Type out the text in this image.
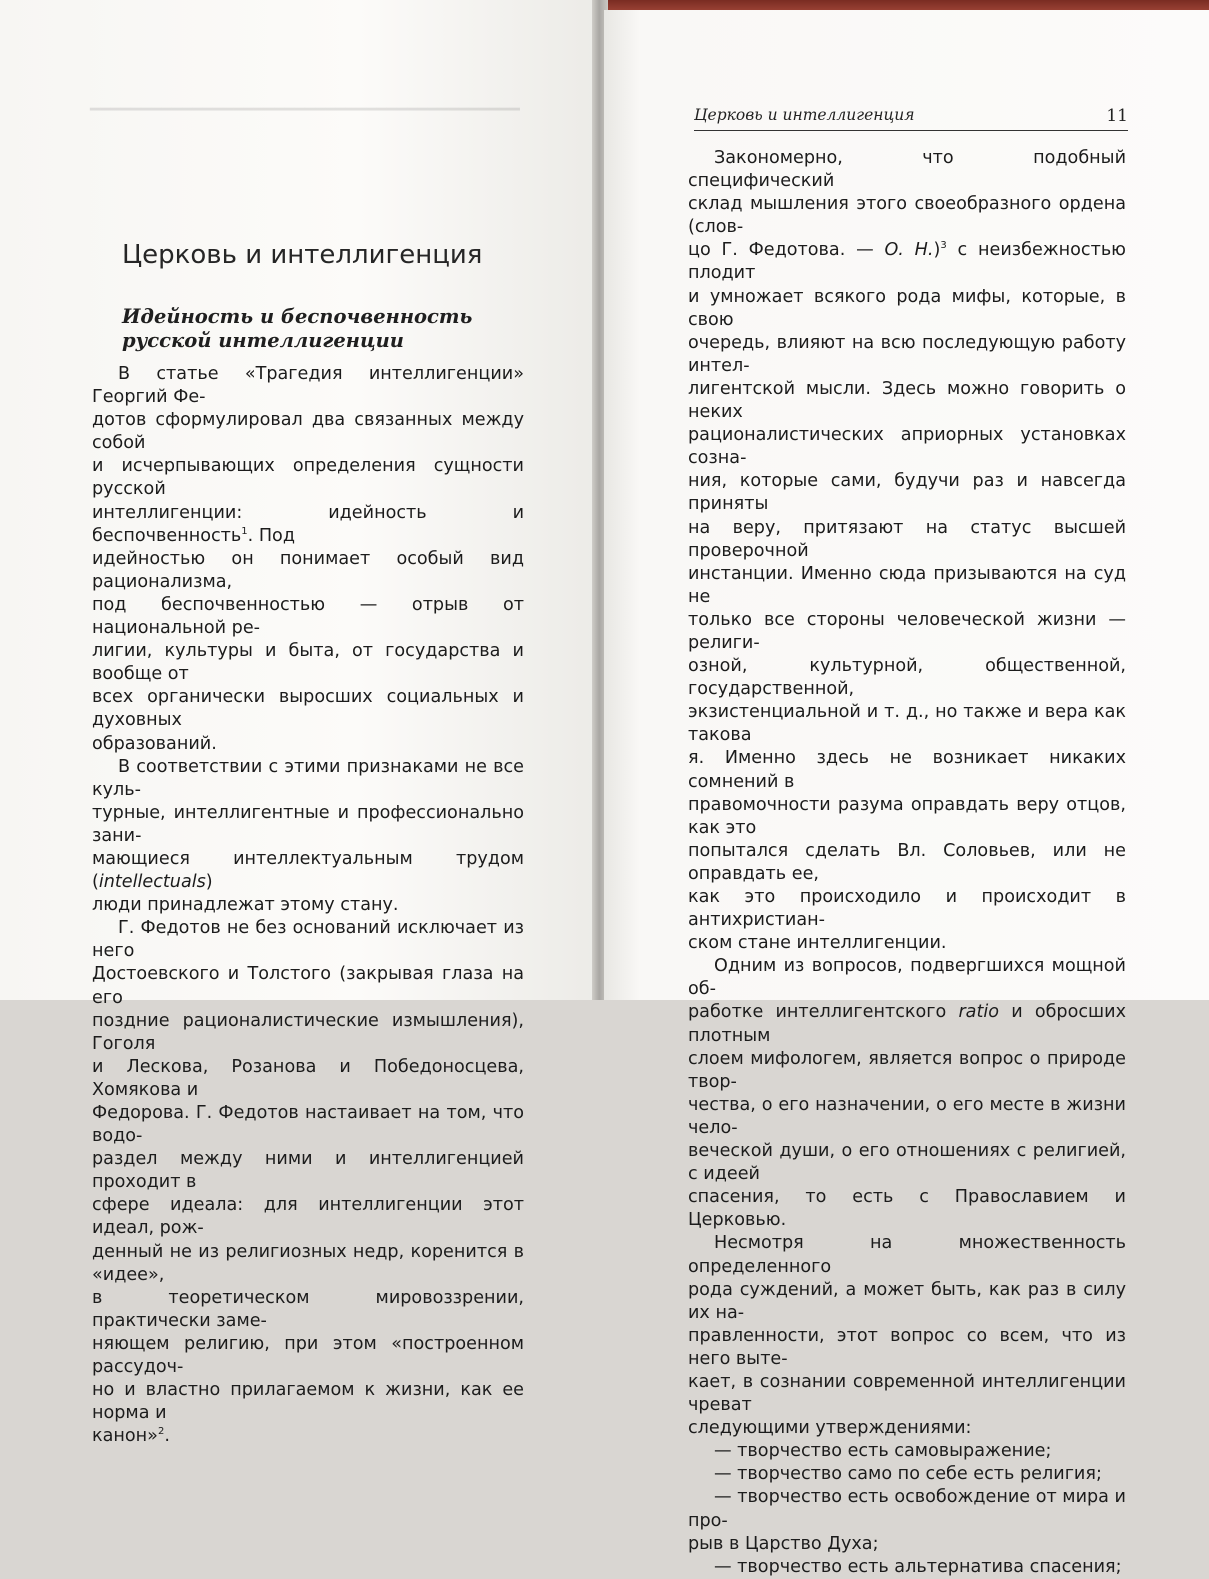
━━━━━━━━━━━━━━━━━━━━━━━━━━━━━━━━━━━━━━━━━━
Церковь и интеллигенция
Идейность и беспочвенность
русской интеллигенции

В статье «Трагедия интеллигенции» Георгий Фе-
дотов сформулировал два связанных между собой
и исчерпывающих определения сущности русской
интеллигенции: идейность и беспочвенность$^1$. Под
идейностью он понимает особый вид рационализма,
под беспочвенностью — отрыв от национальной ре-
лигии, культуры и быта, от государства и вообще от
всех органически выросших социальных и духовных
образований.

В соответствии с этими признаками не все куль-
турные, интеллигентные и профессионально зани-
мающиеся интеллектуальным трудом (intellectuals)
люди принадлежат этому стану.

Г. Федотов не без оснований исключает из него
Достоевского и Толстого (закрывая глаза на его
поздние рационалистические измышления), Гоголя
и Лескова, Розанова и Победоносцева, Хомякова и
Федорова. Г. Федотов настаивает на том, что водо-
раздел между ними и интеллигенцией проходит в
сфере идеала: для интеллигенции этот идеал, рож-
денный не из религиозных недр, коренится в «идее»,
в теоретическом мировоззрении, практически заме-
няющем религию, при этом «построенном рассудоч-
но и властно прилагаемом к жизни, как ее норма и
канон»$^2$.

Церковь и интеллигенция	11

Закономерно, что подобный специфический
склад мышления этого своеобразного ордена (слов-
цо Г. Федотова. — О. Н.)$^3$ с неизбежностью плодит
и умножает всякого рода мифы, которые, в свою
очередь, влияют на всю последующую работу интел-
лигентской мысли. Здесь можно говорить о неких
рационалистических априорных установках созна-
ния, которые сами, будучи раз и навсегда приняты
на веру, притязают на статус высшей проверочной
инстанции. Именно сюда призываются на суд не
только все стороны человеческой жизни — религи-
озной, культурной, общественной, государственной,
экзистенциальной и т. д., но также и вера как такова
я. Именно здесь не возникает никаких сомнений в
правомочности разума оправдать веру отцов, как это
попытался сделать Вл. Соловьев, или не оправдать ее,
как это происходило и происходит в антихристиан-
ском стане интеллигенции.

Одним из вопросов, подвергшихся мощной об-
работке интеллигентского ratio и обросших плотным
слоем мифологем, является вопрос о природе твор-
чества, о его назначении, о его месте в жизни чело-
веческой души, о его отношениях с религией, с идеей
спасения, то есть с Православием и Церковью.

Несмотря на множественность определенного
рода суждений, а может быть, как раз в силу их на-
правленности, этот вопрос со всем, что из него выте-
кает, в сознании современной интеллигенции чреват
следующими утверждениями:

— творчество есть самовыражение;
— творчество само по себе есть религия;
— творчество есть освобождение от мира и про-
рыв в Царство Духа;
— творчество есть альтернатива спасения;
